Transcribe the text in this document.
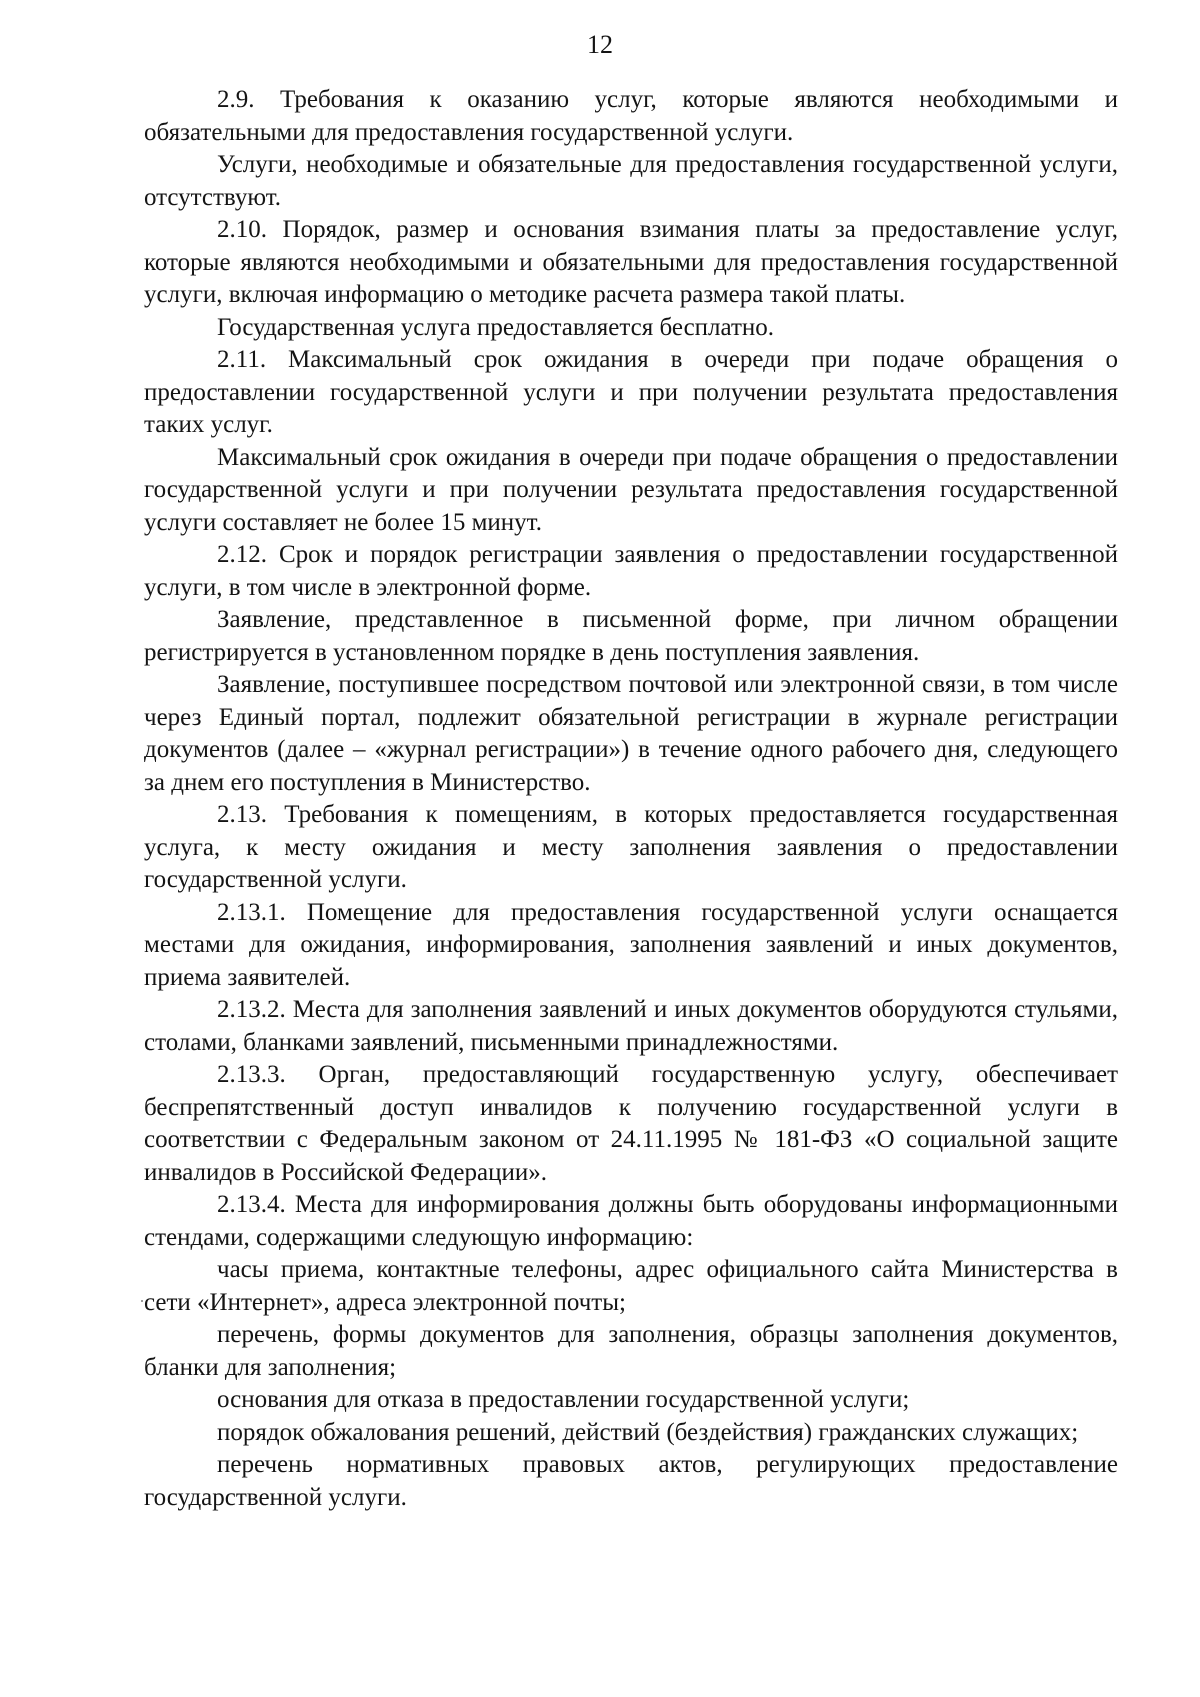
12

2.9. Требования к оказанию услуг, которые являются необходимыми и обязательными для предоставления государственной услуги.

Услуги, необходимые и обязательные для предоставления государственной услуги, отсутствуют.

2.10. Порядок, размер и основания взимания платы за предоставление услуг, которые являются необходимыми и обязательными для предоставления государственной услуги, включая информацию о методике расчета размера такой платы.

Государственная услуга предоставляется бесплатно.

2.11. Максимальный срок ожидания в очереди при подаче обращения о предоставлении государственной услуги и при получении результата предоставления таких услуг.

Максимальный срок ожидания в очереди при подаче обращения о предоставлении государственной услуги и при получении результата предоставления государственной услуги составляет не более 15 минут.

2.12. Срок и порядок регистрации заявления о предоставлении государственной услуги, в том числе в электронной форме.

Заявление, представленное в письменной форме, при личном обращении регистрируется в установленном порядке в день поступления заявления.

Заявление, поступившее посредством почтовой или электронной связи, в том числе через Единый портал, подлежит обязательной регистрации в журнале регистрации документов (далее – «журнал регистрации») в течение одного рабочего дня, следующего за днем его поступления в Министерство.

2.13. Требования к помещениям, в которых предоставляется государственная услуга, к месту ожидания и месту заполнения заявления о предоставлении государственной услуги.

2.13.1. Помещение для предоставления государственной услуги оснащается местами для ожидания, информирования, заполнения заявлений и иных документов, приема заявителей.

2.13.2. Места для заполнения заявлений и иных документов оборудуются стульями, столами, бланками заявлений, письменными принадлежностями.

2.13.3. Орган, предоставляющий государственную услугу, обеспечивает беспрепятственный доступ инвалидов к получению государственной услуги в соответствии с Федеральным законом от 24.11.1995 № 181-ФЗ «О социальной защите инвалидов в Российской Федерации».

2.13.4. Места для информирования должны быть оборудованы информационными стендами, содержащими следующую информацию:

часы приема, контактные телефоны, адрес официального сайта Министерства в сети «Интернет», адреса электронной почты;

перечень, формы документов для заполнения, образцы заполнения документов, бланки для заполнения;

основания для отказа в предоставлении государственной услуги;

порядок обжалования решений, действий (бездействия) гражданских служащих;

перечень нормативных правовых актов, регулирующих предоставление государственной услуги.
